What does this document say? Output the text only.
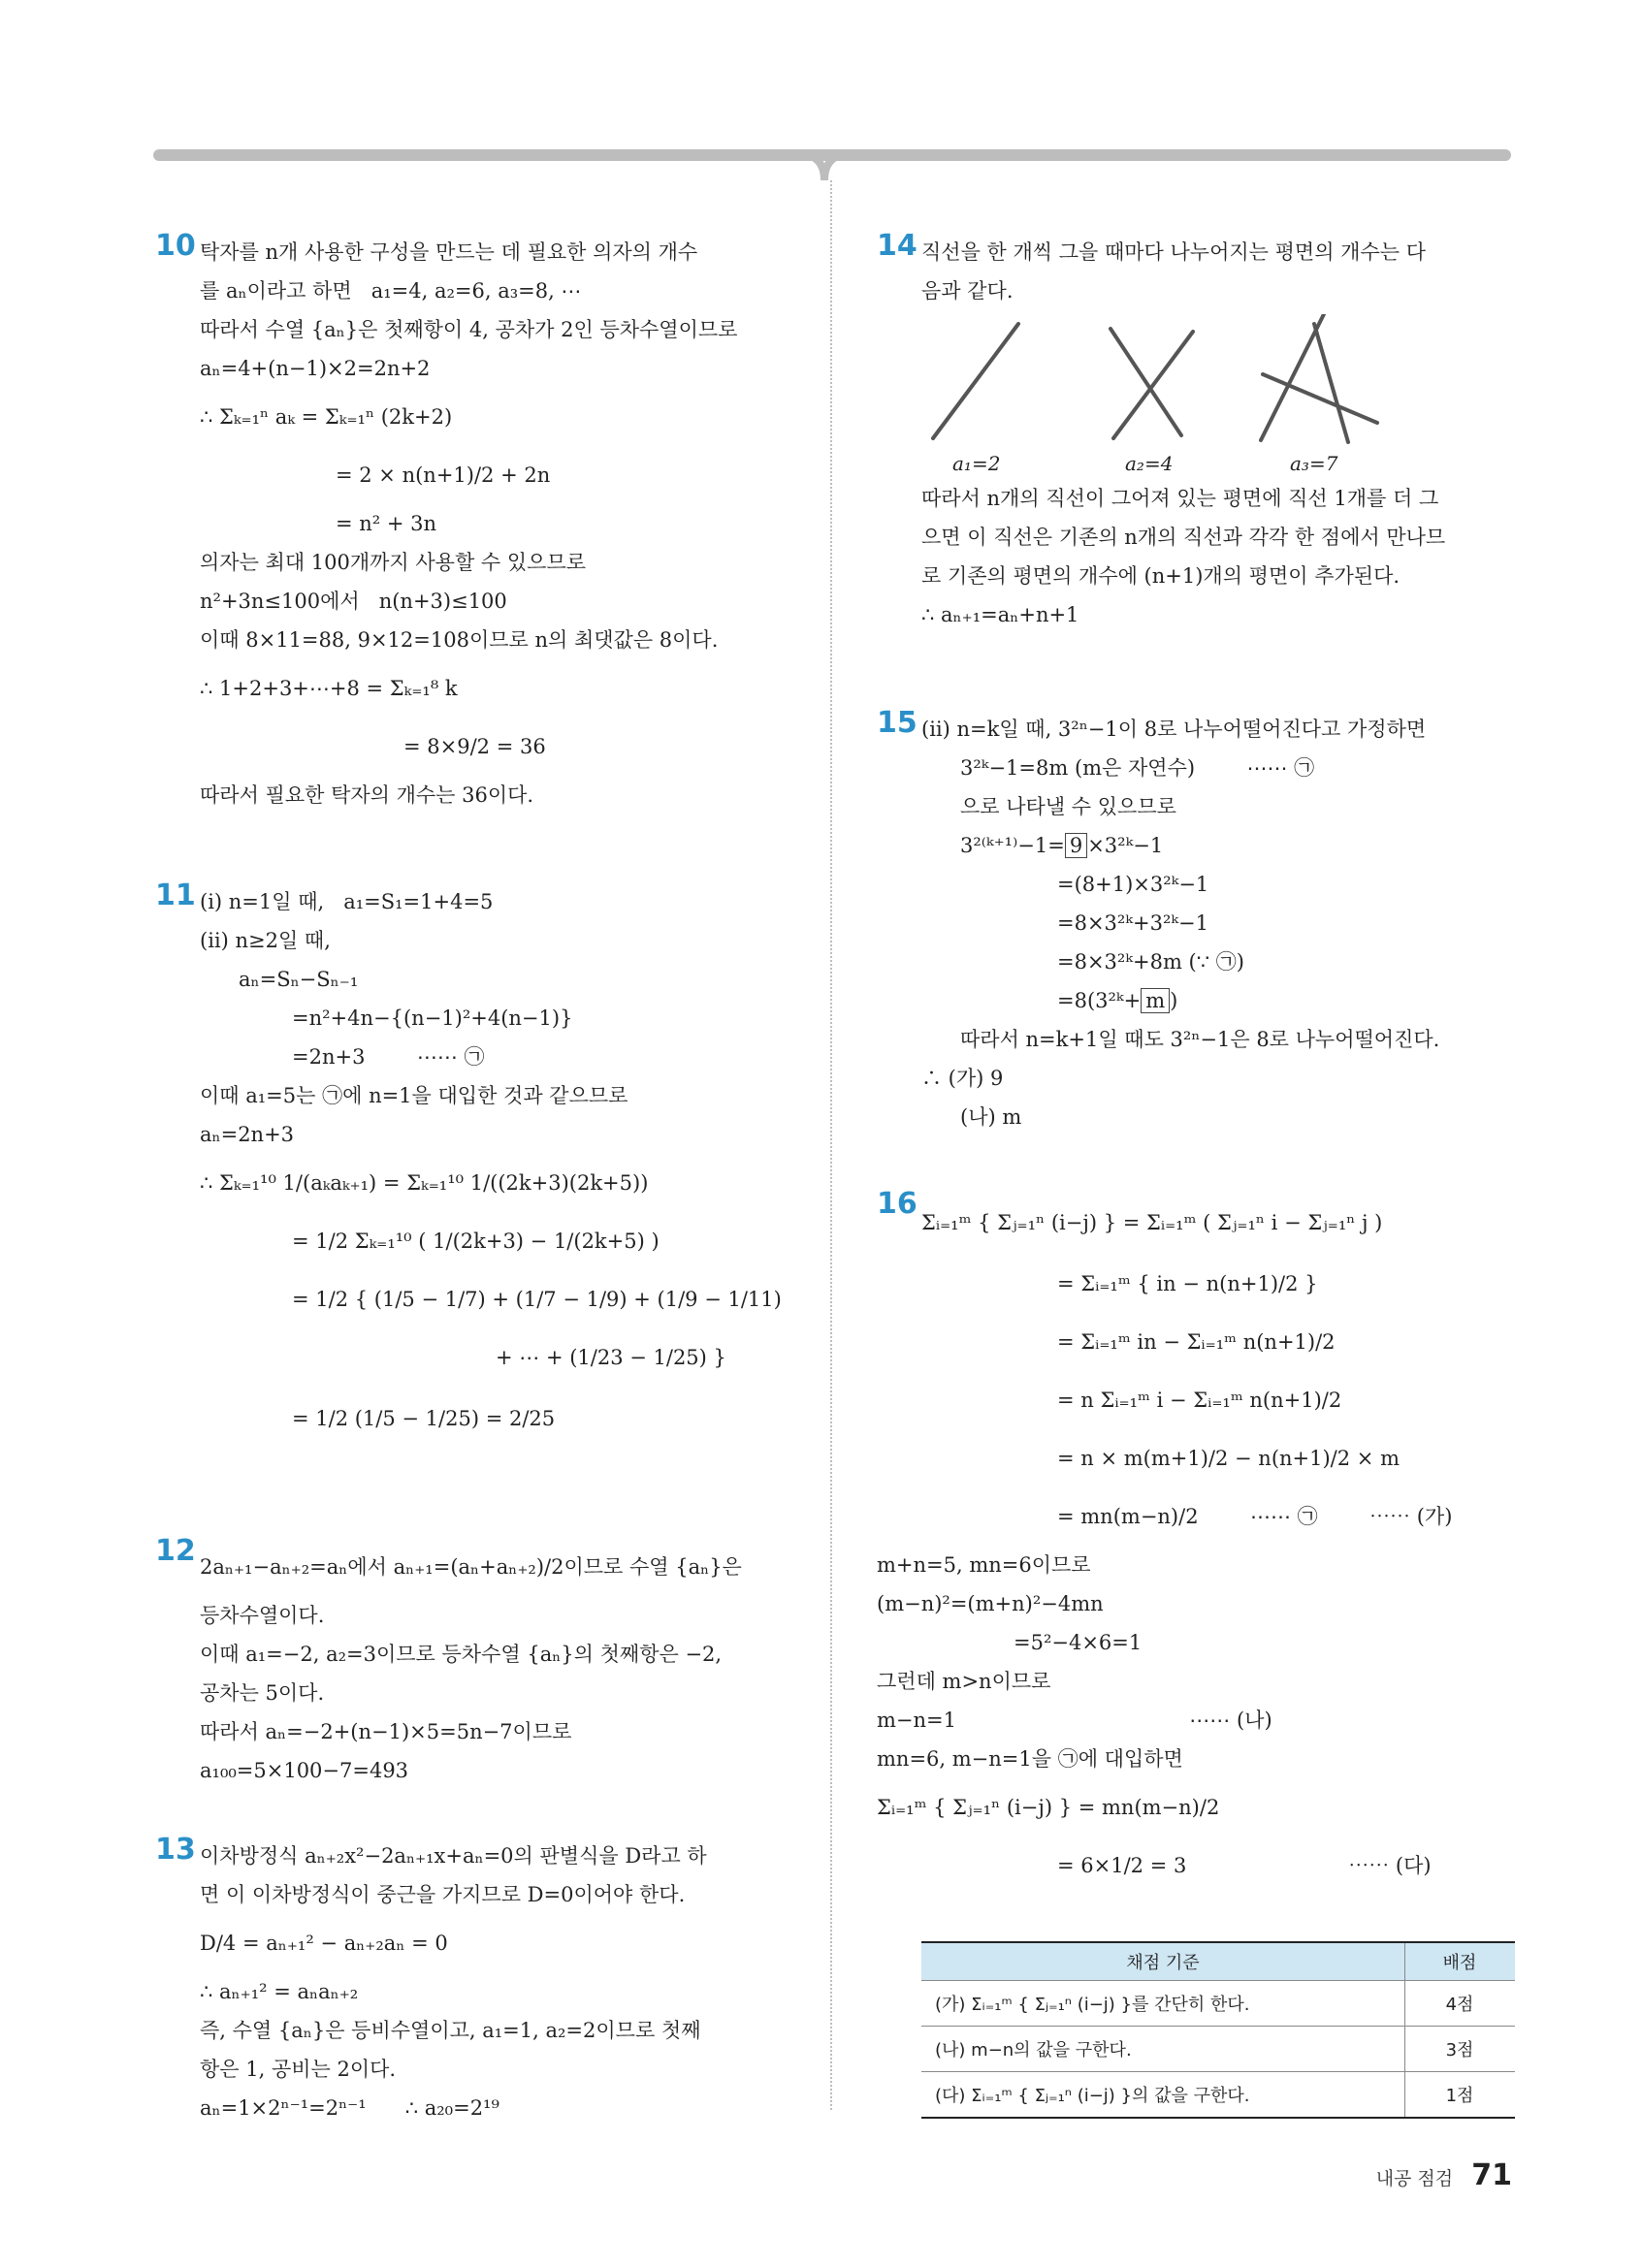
10 탁자를 n개 사용한 구성을 만드는 데 필요한 의자의 개수
를 aₙ이라고 하면   a₁=4, a₂=6, a₃=8, ⋯
따라서 수열 {aₙ}은 첫째항이 4, 공차가 2인 등차수열이므로
aₙ=4+(n−1)×2=2n+2
∴ Σₖ₌₁ⁿ aₖ = Σₖ₌₁ⁿ (2k+2)
= 2 × n(n+1)/2 + 2n
= n² + 3n
의자는 최대 100개까지 사용할 수 있으므로
n²+3n≤100에서   n(n+3)≤100
이때 8×11=88, 9×12=108이므로 n의 최댓값은 8이다.
∴ 1+2+3+⋯+8 = Σₖ₌₁⁸ k
= 8×9/2 = 36
따라서 필요한 탁자의 개수는 36이다.
11 (ⅰ) n=1일 때,   a₁=S₁=1+4=5
(ⅱ) n≥2일 때,
aₙ=Sₙ−Sₙ₋₁
=n²+4n−{(n−1)²+4(n−1)}
=2n+3        ⋯⋯ ㉠
이때 a₁=5는 ㉠에 n=1을 대입한 것과 같으므로
aₙ=2n+3
∴ Σₖ₌₁¹⁰ 1/(aₖaₖ₊₁) = Σₖ₌₁¹⁰ 1/((2k+3)(2k+5))
= 1/2 Σₖ₌₁¹⁰ ( 1/(2k+3) − 1/(2k+5) )
= 1/2 { (1/5 − 1/7) + (1/7 − 1/9) + (1/9 − 1/11)
+ ⋯ + (1/23 − 1/25) }
= 1/2 (1/5 − 1/25) = 2/25
12 2aₙ₊₁−aₙ₊₂=aₙ에서 aₙ₊₁=(aₙ+aₙ₊₂)/2이므로 수열 {aₙ}은
등차수열이다.
이때 a₁=−2, a₂=3이므로 등차수열 {aₙ}의 첫째항은 −2,
공차는 5이다.
따라서 aₙ=−2+(n−1)×5=5n−7이므로
a₁₀₀=5×100−7=493
13 이차방정식 aₙ₊₂x²−2aₙ₊₁x+aₙ=0의 판별식을 D라고 하
면 이 이차방정식이 중근을 가지므로 D=0이어야 한다.
D/4 = aₙ₊₁² − aₙ₊₂aₙ = 0
∴ aₙ₊₁² = aₙaₙ₊₂
즉, 수열 {aₙ}은 등비수열이고, a₁=1, a₂=2이므로 첫째
항은 1, 공비는 2이다.
aₙ=1×2ⁿ⁻¹=2ⁿ⁻¹      ∴ a₂₀=2¹⁹
14 직선을 한 개씩 그을 때마다 나누어지는 평면의 개수는 다
음과 같다.
a₁=2	a₂=4	a₃=7
따라서 n개의 직선이 그어져 있는 평면에 직선 1개를 더 그
으면 이 직선은 기존의 n개의 직선과 각각 한 점에서 만나므
로 기존의 평면의 개수에 (n+1)개의 평면이 추가된다.
∴ aₙ₊₁=aₙ+n+1
15 (ⅱ) n=k일 때, 3²ⁿ−1이 8로 나누어떨어진다고 가정하면
3²ᵏ−1=8m (m은 자연수)        ⋯⋯ ㉠
으로 나타낼 수 있으므로
3²⁽ᵏ⁺¹⁾−1= 9 ×3²ᵏ−1
=(8+1)×3²ᵏ−1
=8×3²ᵏ+3²ᵏ−1
=8×3²ᵏ+8m (∵ ㉠)
=8(3²ᵏ+ m )
따라서 n=k+1일 때도 3²ⁿ−1은 8로 나누어떨어진다.
∴ (가) 9
(나) m
16
Σᵢ₌₁ᵐ { Σⱼ₌₁ⁿ (i−j) } = Σᵢ₌₁ᵐ ( Σⱼ₌₁ⁿ i − Σⱼ₌₁ⁿ j )
= Σᵢ₌₁ᵐ { in − n(n+1)/2 }
= Σᵢ₌₁ᵐ in − Σᵢ₌₁ᵐ n(n+1)/2
= n Σᵢ₌₁ᵐ i − Σᵢ₌₁ᵐ n(n+1)/2
= n × m(m+1)/2 − n(n+1)/2 × m
= mn(m−n)/2        ⋯⋯ ㉠        ⋯⋯ (가)
m+n=5, mn=6이므로
(m−n)²=(m+n)²−4mn
=5²−4×6=1
그런데 m>n이므로
m−n=1                                    ⋯⋯ (나)
mn=6, m−n=1을 ㉠에 대입하면
Σᵢ₌₁ᵐ { Σⱼ₌₁ⁿ (i−j) } = mn(m−n)/2
= 6×1/2 = 3                         ⋯⋯ (다)
채점 기준	배점
(가) Σᵢ₌₁ᵐ { Σⱼ₌₁ⁿ (i−j) }를 간단히 한다.	4점
(나) m−n의 값을 구한다.	3점
(다) Σᵢ₌₁ᵐ { Σⱼ₌₁ⁿ (i−j) }의 값을 구한다.	1점
내공 점검 71
